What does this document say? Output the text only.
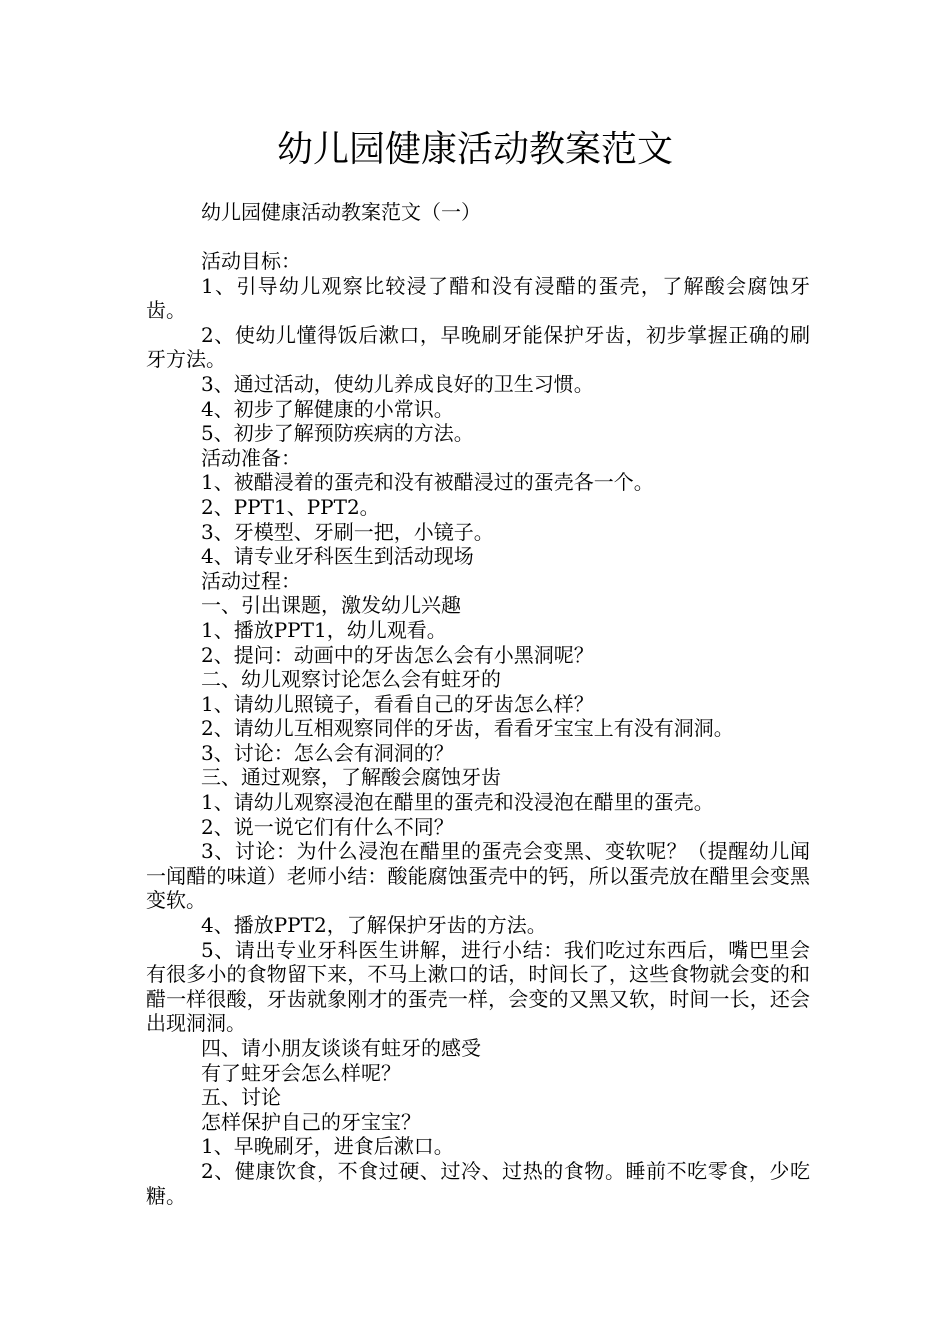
幼儿园健康活动教案范文

幼儿园健康活动教案范文（一）

活动目标：

1、引导幼儿观察比较浸了醋和没有浸醋的蛋壳，了解酸会腐蚀牙齿。

2、使幼儿懂得饭后漱口，早晚刷牙能保护牙齿，初步掌握正确的刷牙方法。

3、通过活动，使幼儿养成良好的卫生习惯。

4、初步了解健康的小常识。

5、初步了解预防疾病的方法。

活动准备：

1、被醋浸着的蛋壳和没有被醋浸过的蛋壳各一个。

2、PPT1、PPT2。

3、牙模型、牙刷一把，小镜子。

4、请专业牙科医生到活动现场

活动过程：

一、引出课题，激发幼儿兴趣

1、播放PPT1，幼儿观看。

2、提问：动画中的牙齿怎么会有小黑洞呢？

二、幼儿观察讨论怎么会有蛀牙的

1、请幼儿照镜子，看看自己的牙齿怎么样？

2、请幼儿互相观察同伴的牙齿，看看牙宝宝上有没有洞洞。

3、讨论：怎么会有洞洞的？

三、通过观察，了解酸会腐蚀牙齿

1、请幼儿观察浸泡在醋里的蛋壳和没浸泡在醋里的蛋壳。

2、说一说它们有什么不同？

3、讨论：为什么浸泡在醋里的蛋壳会变黑、变软呢？（提醒幼儿闻一闻醋的味道）老师小结：酸能腐蚀蛋壳中的钙，所以蛋壳放在醋里会变黑变软。

4、播放PPT2，了解保护牙齿的方法。

5、请出专业牙科医生讲解，进行小结：我们吃过东西后，嘴巴里会有很多小的食物留下来，不马上漱口的话，时间长了，这些食物就会变的和醋一样很酸，牙齿就象刚才的蛋壳一样，会变的又黑又软，时间一长，还会出现洞洞。

四、请小朋友谈谈有蛀牙的感受

有了蛀牙会怎么样呢？

五、讨论

怎样保护自己的牙宝宝？

1、早晚刷牙，进食后漱口。

2、健康饮食，不食过硬、过冷、过热的食物。睡前不吃零食，少吃糖。
